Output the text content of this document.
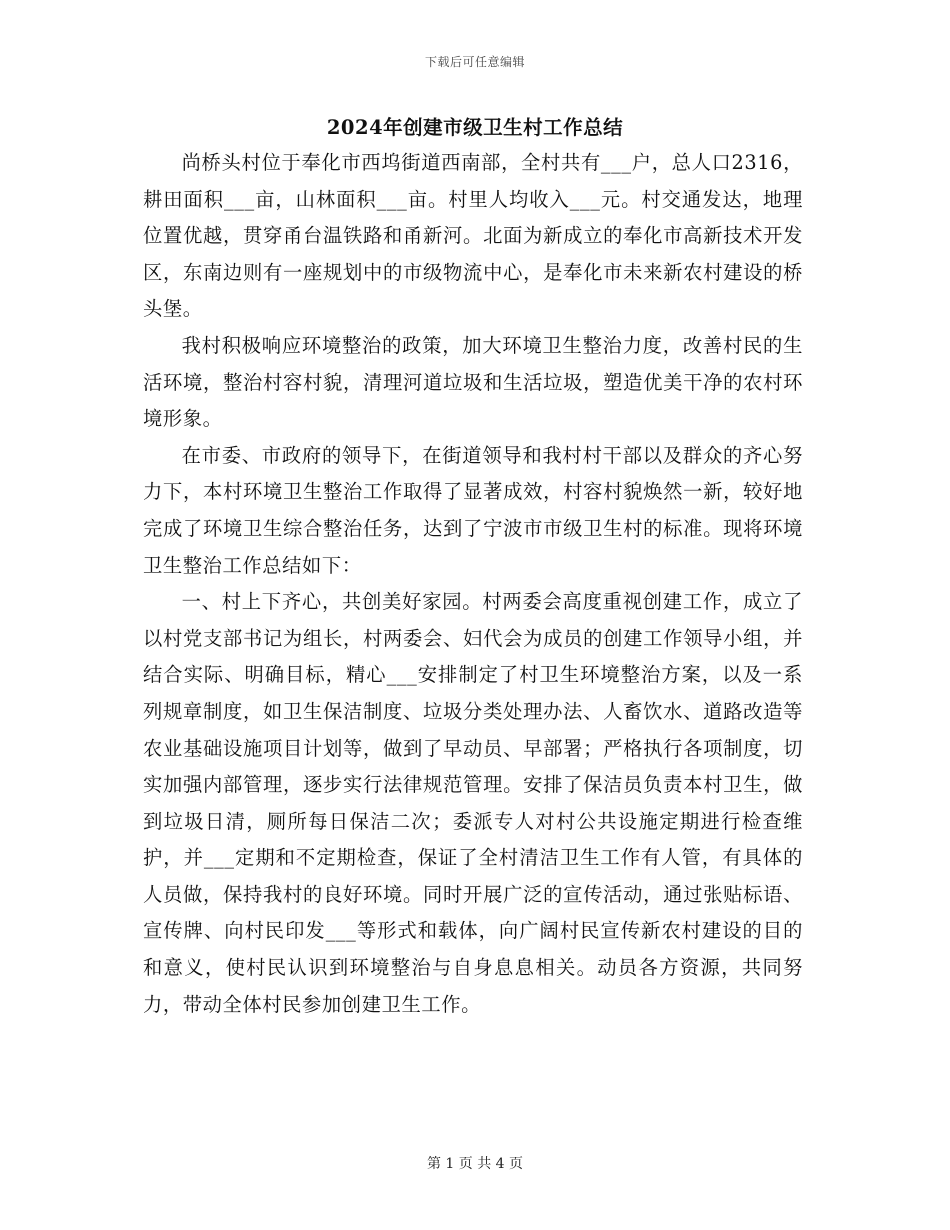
下载后可任意编辑
2024年创建市级卫生村工作总结

尚桥头村位于奉化市西坞街道西南部，全村共有___户，总人口2316，耕田面积___亩，山林面积___亩。村里人均收入___元。村交通发达，地理位置优越，贯穿甬台温铁路和甬新河。北面为新成立的奉化市高新技术开发区，东南边则有一座规划中的市级物流中心，是奉化市未来新农村建设的桥头堡。

我村积极响应环境整治的政策，加大环境卫生整治力度，改善村民的生活环境，整治村容村貌，清理河道垃圾和生活垃圾，塑造优美干净的农村环境形象。

在市委、市政府的领导下，在街道领导和我村村干部以及群众的齐心努力下，本村环境卫生整治工作取得了显著成效，村容村貌焕然一新，较好地完成了环境卫生综合整治任务，达到了宁波市市级卫生村的标准。现将环境卫生整治工作总结如下：

一、村上下齐心，共创美好家园。村两委会高度重视创建工作，成立了以村党支部书记为组长，村两委会、妇代会为成员的创建工作领导小组，并结合实际、明确目标，精心___安排制定了村卫生环境整治方案，以及一系列规章制度，如卫生保洁制度、垃圾分类处理办法、人畜饮水、道路改造等农业基础设施项目计划等，做到了早动员、早部署；严格执行各项制度，切实加强内部管理，逐步实行法律规范管理。安排了保洁员负责本村卫生，做到垃圾日清，厕所每日保洁二次；委派专人对村公共设施定期进行检查维护，并___定期和不定期检查，保证了全村清洁卫生工作有人管，有具体的人员做，保持我村的良好环境。同时开展广泛的宣传活动，通过张贴标语、宣传牌、向村民印发___等形式和载体，向广阔村民宣传新农村建设的目的和意义，使村民认识到环境整治与自身息息相关。动员各方资源，共同努力，带动全体村民参加创建卫生工作。

第 1 页 共 4 页
